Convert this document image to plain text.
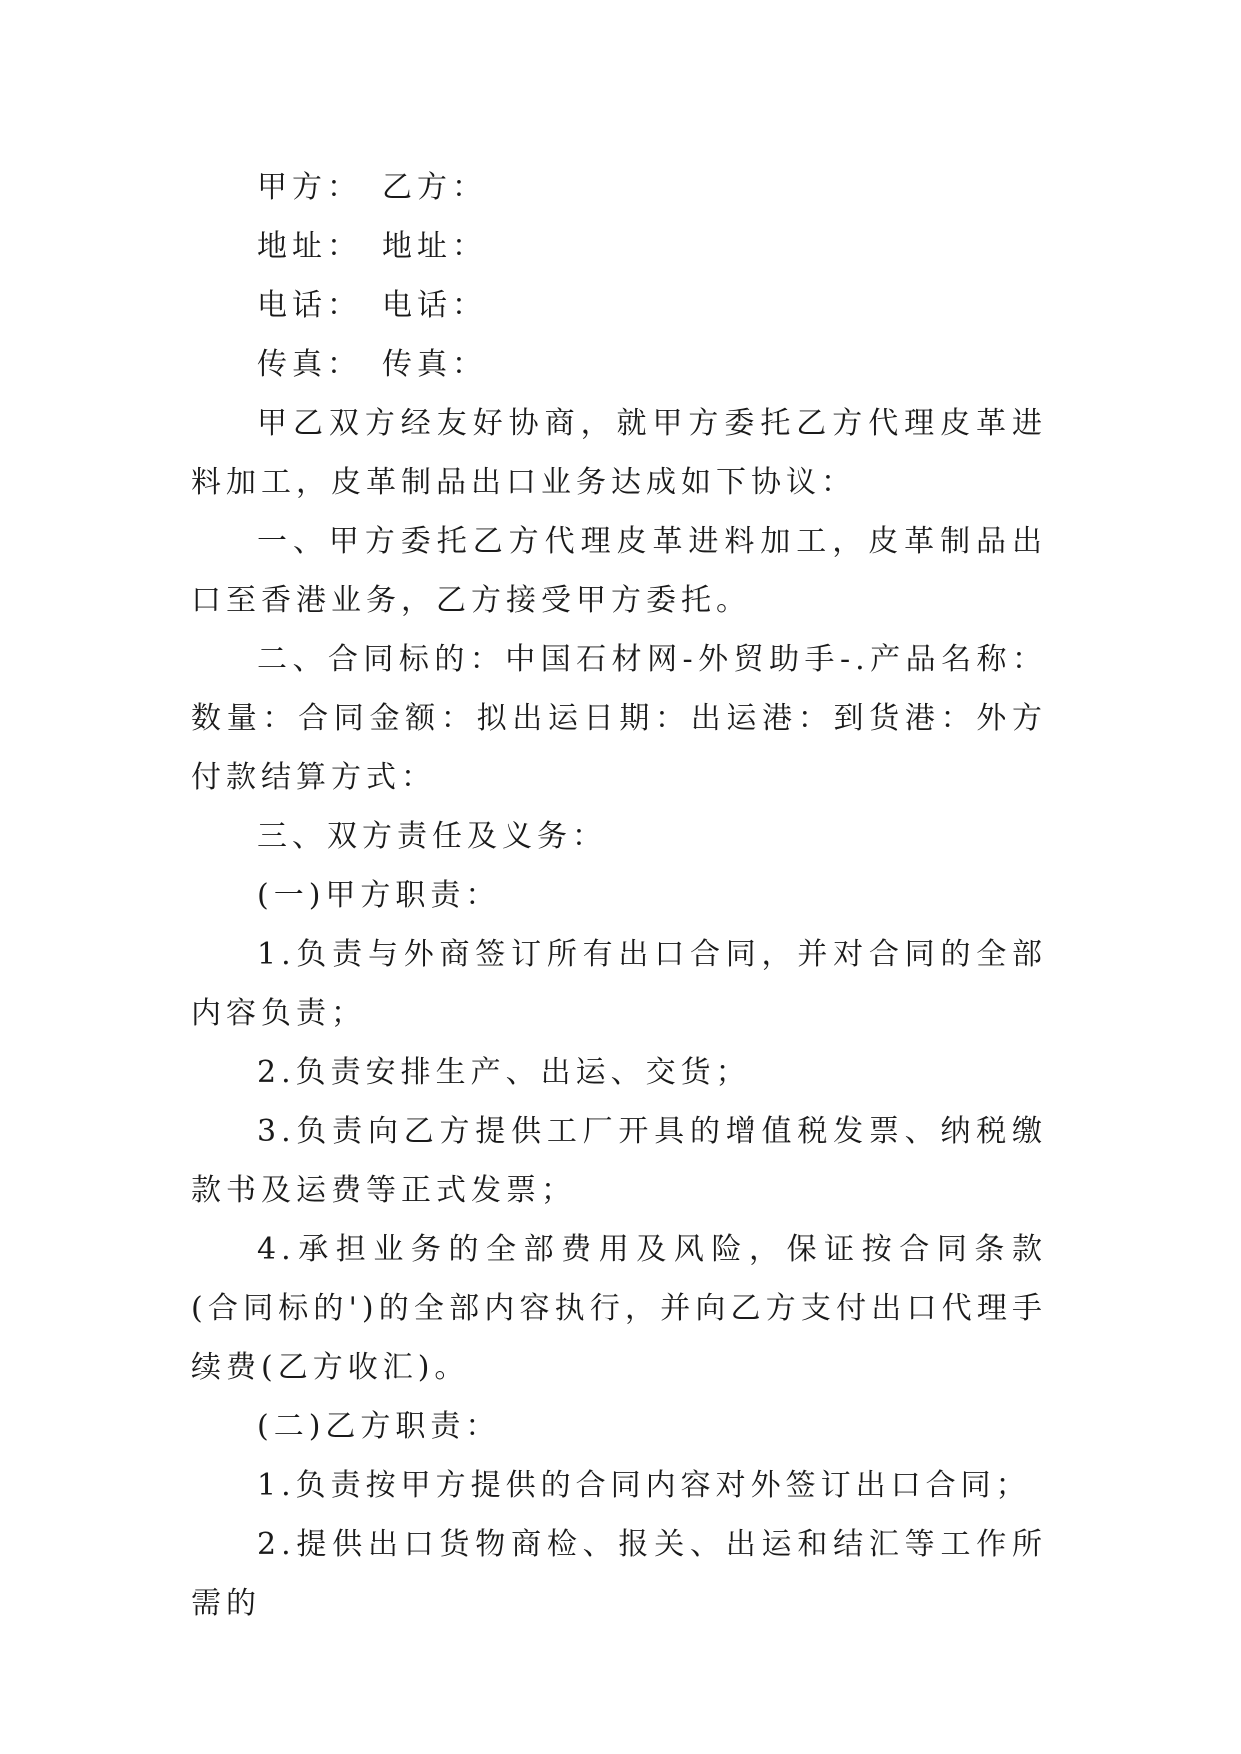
甲方：　乙方：

地址：　地址：

电话：　电话：

传真：　传真：

甲乙双方经友好协商，就甲方委托乙方代理皮革进料加工，皮革制品出口业务达成如下协议：

一、甲方委托乙方代理皮革进料加工，皮革制品出口至香港业务，乙方接受甲方委托。

二、合同标的：中国石材网-外贸助手-.产品名称：数量：合同金额：拟出运日期：出运港：到货港：外方付款结算方式：

三、双方责任及义务：

(一)甲方职责：

1.负责与外商签订所有出口合同，并对合同的全部内容负责；

2.负责安排生产、出运、交货；

3.负责向乙方提供工厂开具的增值税发票、纳税缴款书及运费等正式发票；

4.承担业务的全部费用及风险，保证按合同条款(合同标的')的全部内容执行，并向乙方支付出口代理手续费(乙方收汇)。

(二)乙方职责：

1.负责按甲方提供的合同内容对外签订出口合同；

2.提供出口货物商检、报关、出运和结汇等工作所需的
